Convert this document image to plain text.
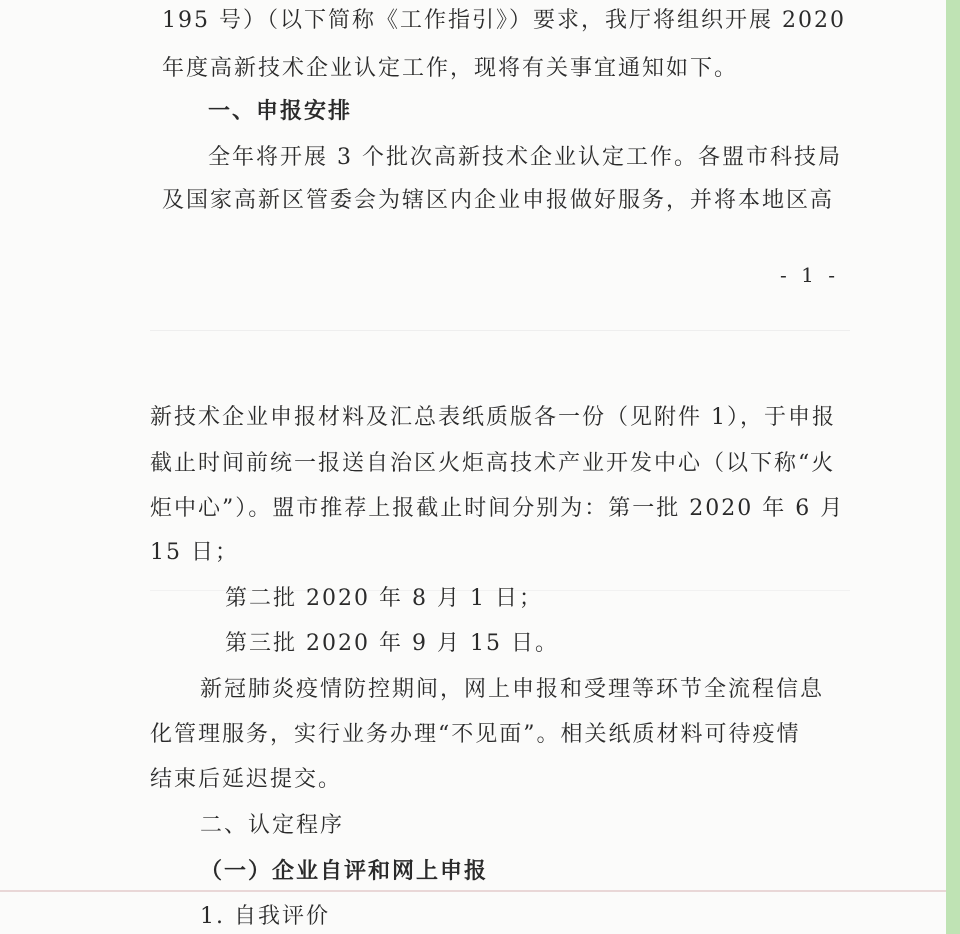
195 号）（以下简称《工作指引》）要求，我厅将组织开展 2020
年度高新技术企业认定工作，现将有关事宜通知如下。
一、申报安排
全年将开展 3 个批次高新技术企业认定工作。各盟市科技局
及国家高新区管委会为辖区内企业申报做好服务，并将本地区高
- 1 -
新技术企业申报材料及汇总表纸质版各一份（见附件 1），于申报
截止时间前统一报送自治区火炬高技术产业开发中心（以下称“火
炬中心”）。盟市推荐上报截止时间分别为：第一批 2020 年 6 月
15 日；
第二批 2020 年 8 月 1 日；
第三批 2020 年 9 月 15 日。
新冠肺炎疫情防控期间，网上申报和受理等环节全流程信息
化管理服务，实行业务办理“不见面”。相关纸质材料可待疫情
结束后延迟提交。
二、认定程序
（一）企业自评和网上申报
1. 自我评价
